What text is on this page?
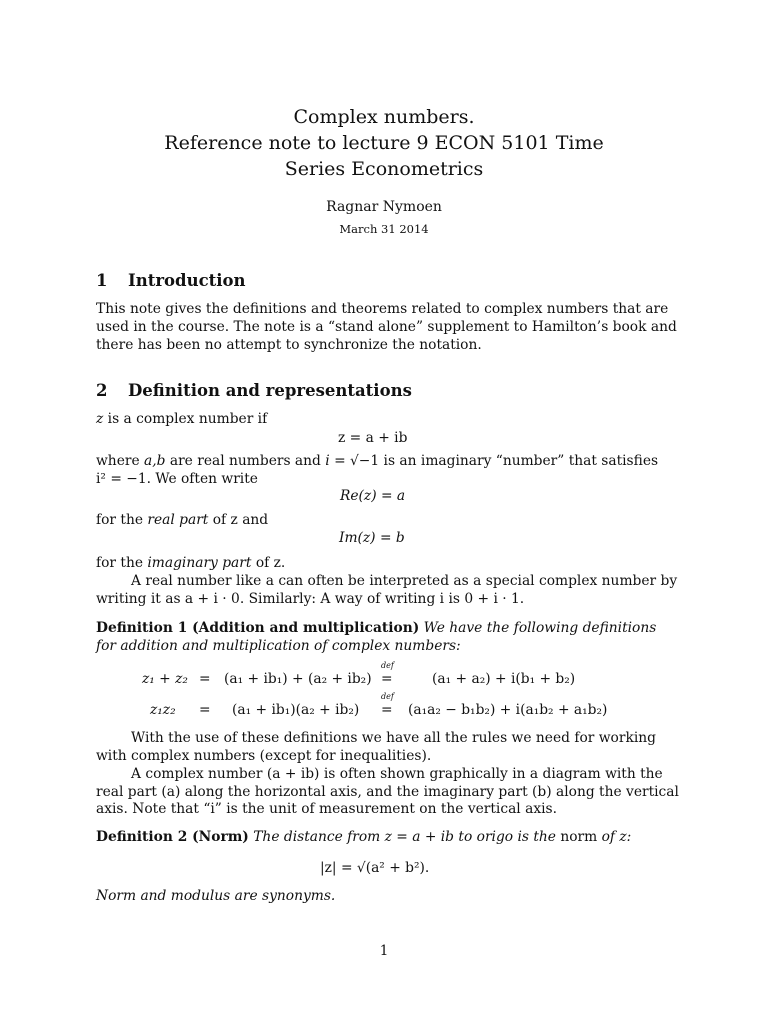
Complex numbers.
Reference note to lecture 9 ECON 5101 Time
Series Econometrics
Ragnar Nymoen
March 31 2014
1 Introduction
This note gives the definitions and theorems related to complex numbers that are
used in the course. The note is a “stand alone” supplement to Hamilton’s book and
there has been no attempt to synchronize the notation.
2 Definition and representations
z is a complex number if
z = a + ib
where a,b are real numbers and i = √−1 is an imaginary “number” that satisfies
i² = −1. We often write
Re(z) = a
for the real part of z and
Im(z) = b
for the imaginary part of z.
A real number like a can often be interpreted as a special complex number by
writing it as a + i · 0. Similarly: A way of writing i is 0 + i · 1.
Definition 1 (Addition and multiplication) We have the following definitions
for addition and multiplication of complex numbers:
z₁ + z₂ = (a₁ + ib₁) + (a₂ + ib₂)
def
=	(a₁ + a₂) + i(b₁ + b₂)
z₁z₂ = (a₁ + ib₁)(a₂ + ib₂)
def
= (a₁a₂ − b₁b₂) + i(a₁b₂ + a₁b₂)
With the use of these definitions we have all the rules we need for working
with complex numbers (except for inequalities).
A complex number (a + ib) is often shown graphically in a diagram with the
real part (a) along the horizontal axis, and the imaginary part (b) along the vertical
axis. Note that “i” is the unit of measurement on the vertical axis.
Definition 2 (Norm) The distance from z = a + ib to origo is the norm of z:
|z| = √(a² + b²).
Norm and modulus are synonyms.
1
